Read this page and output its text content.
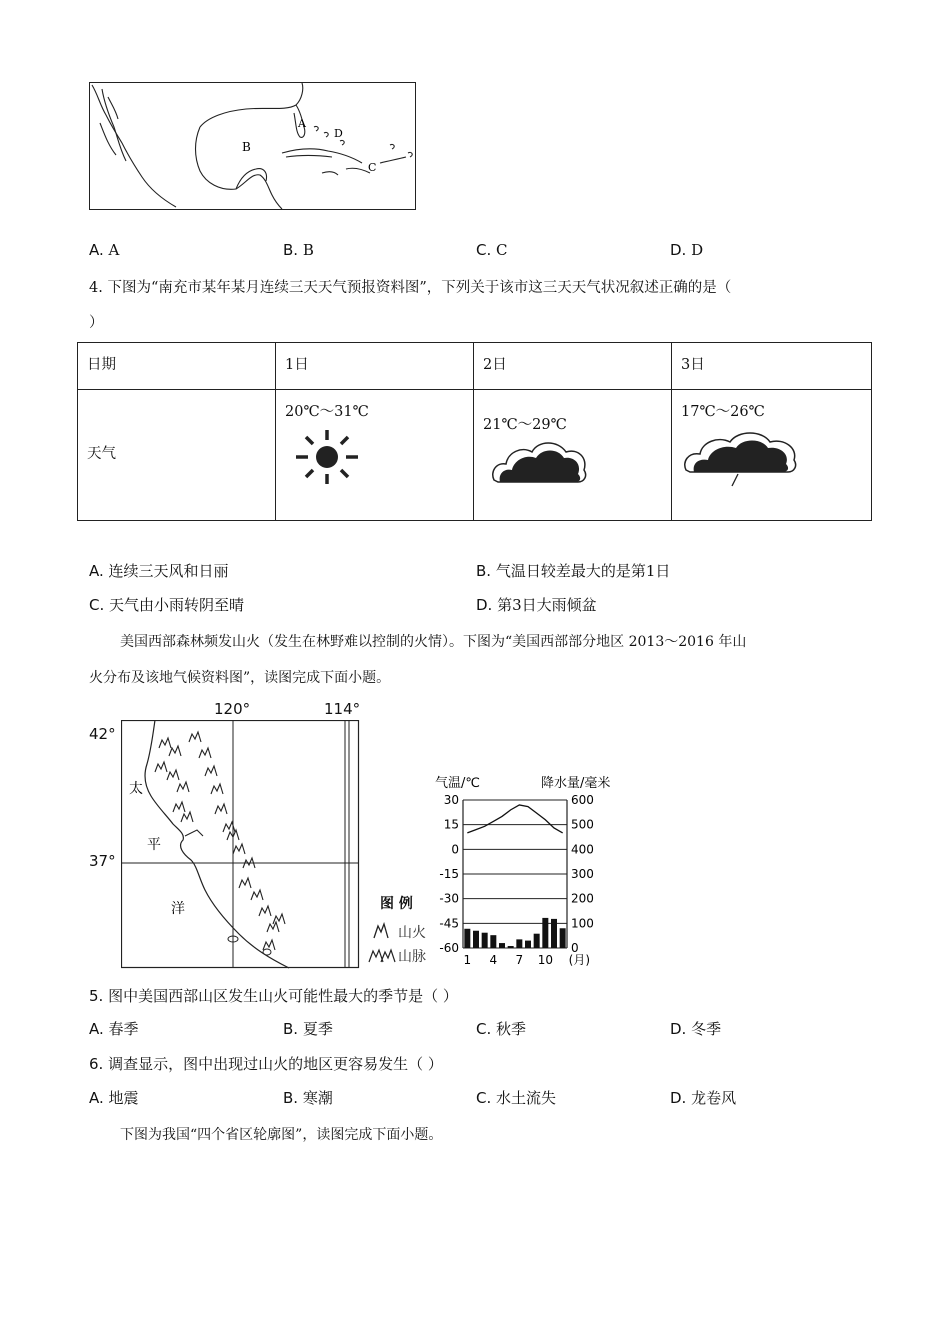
B
A
D
C
A. A	B. B	C. C	D. D
4. 下图为“南充市某年某月连续三天天气预报资料图”，下列关于该市这三天天气状况叙述正确的是（
）
日期	1日	2日	3日

天气	20℃～31℃	21℃～29℃	17℃～26℃
A. 连续三天风和日丽	B. 气温日较差最大的是第1日
C. 天气由小雨转阴至晴	D. 第3日大雨倾盆
美国西部森林频发山火（发生在林野难以控制的火情）。下图为“美国西部部分地区 2013～2016 年山
火分布及该地气候资料图”，读图完成下面小题。
120°	114°
42°
37°
太
平
洋	图 例
山火
山脉
气温/℃	降水量/毫米
30	600
15	500
0	400
-15	300
-30	200
-45	100
-60	0
1 4 7 10 (月)
5. 图中美国西部山区发生山火可能性最大的季节是（ ）
A. 春季	B. 夏季	C. 秋季	D. 冬季
6. 调查显示，图中出现过山火的地区更容易发生（ ）
A. 地震	B. 寒潮	C. 水土流失	D. 龙卷风
下图为我国“四个省区轮廓图”，读图完成下面小题。
